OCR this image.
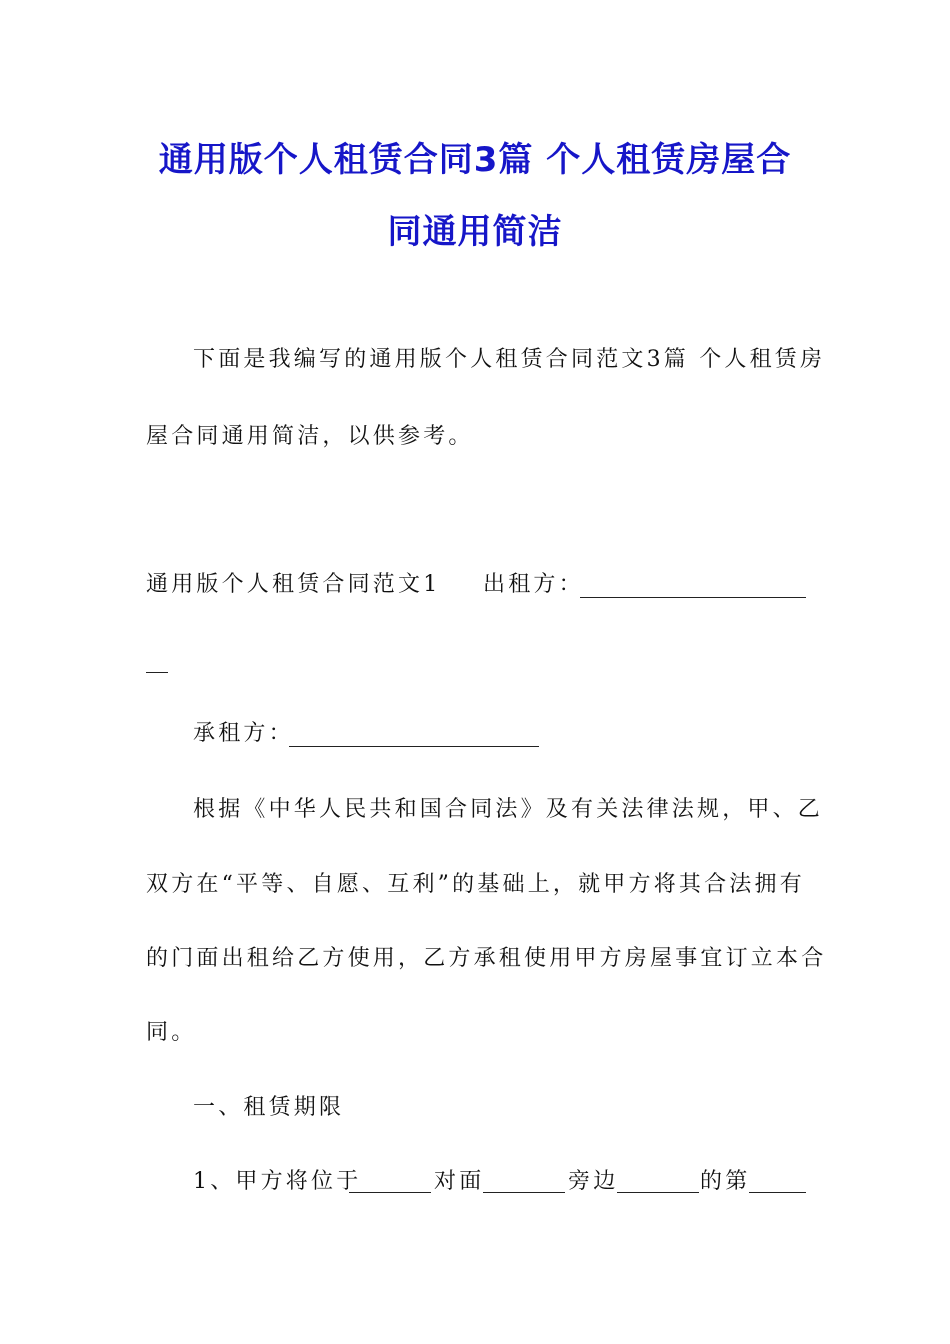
通用版个人租赁合同3篇 个人租赁房屋合
同通用简洁
下面是我编写的通用版个人租赁合同范文3篇 个人租赁房
屋合同通用简洁，以供参考。
通用版个人租赁合同范文1 出租方：
承租方：
根据《中华人民共和国合同法》及有关法律法规，甲、乙
双方在“平等、自愿、互利”的基础上，就甲方将其合法拥有
的门面出租给乙方使用，乙方承租使用甲方房屋事宜订立本合
同。
一、租赁期限
1、甲方将位于	对面	旁边	的第
